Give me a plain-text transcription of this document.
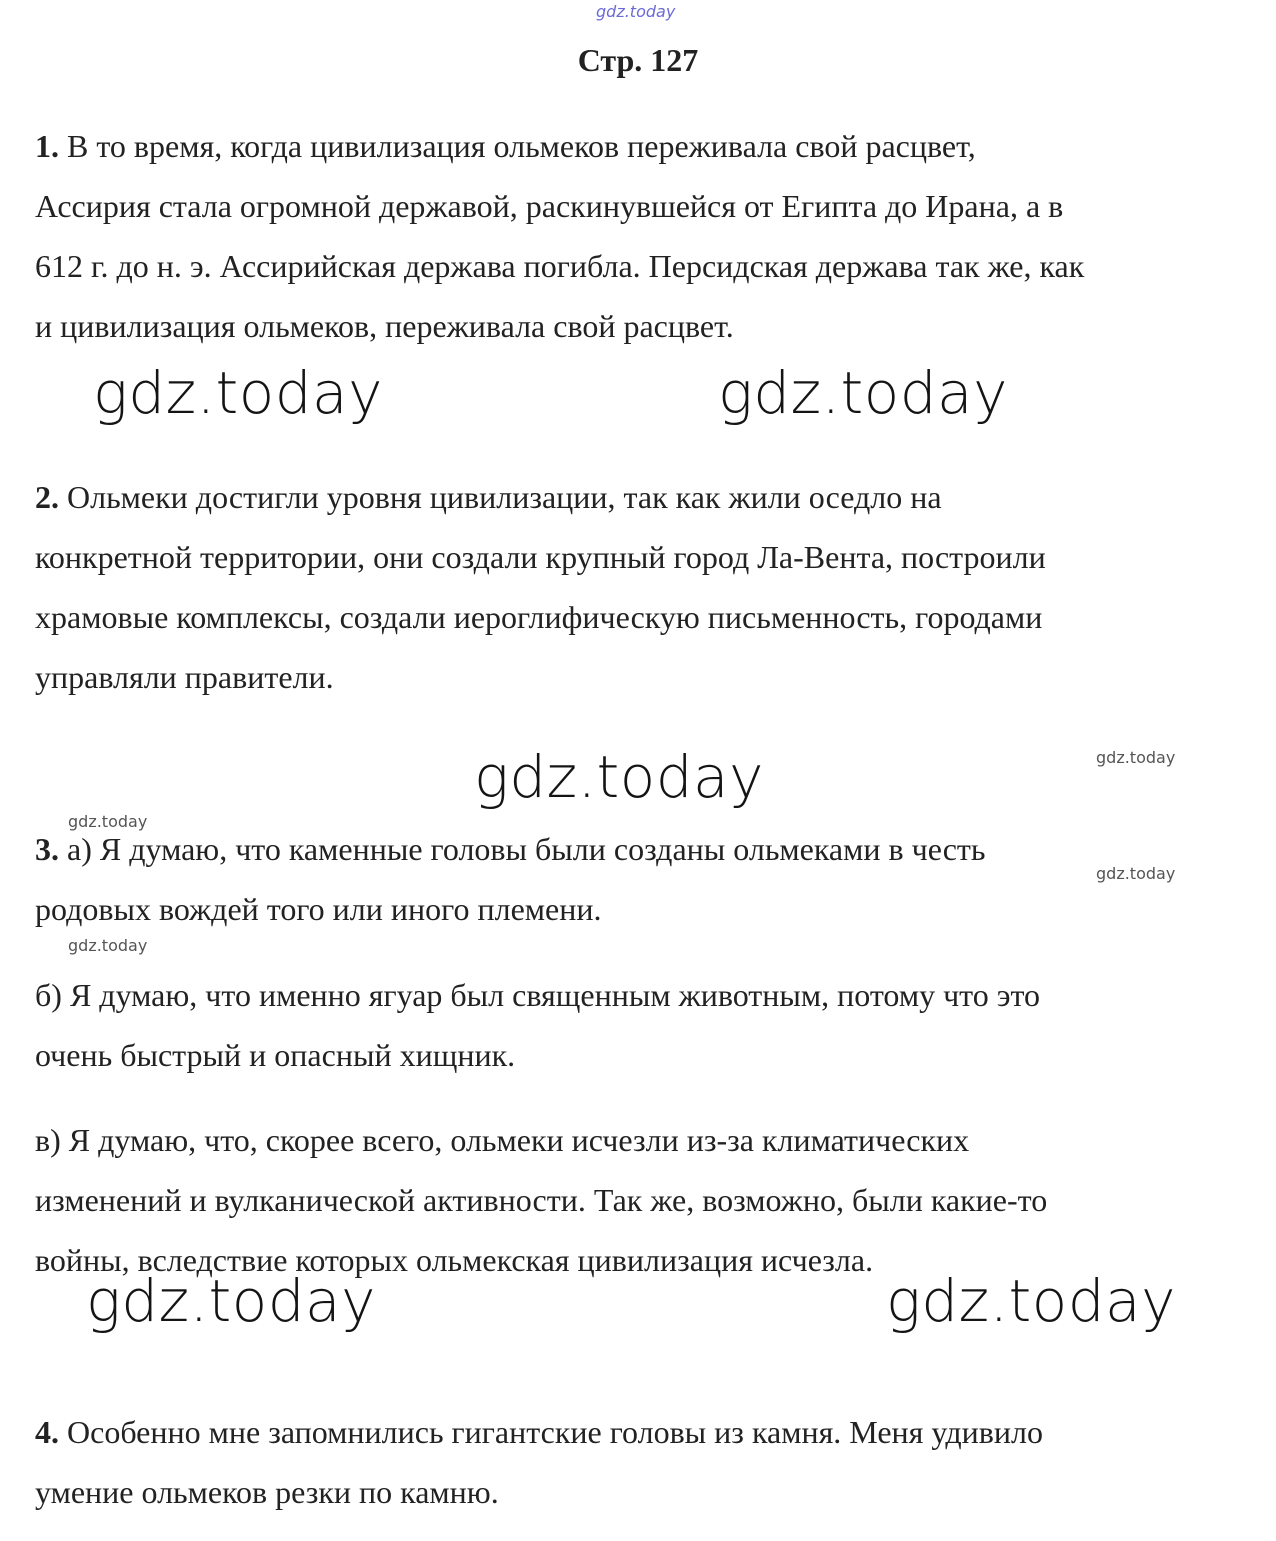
gdz.today
gdz.today	gdz.today
gdz.today
gdz.today	gdz.today
gdz.today
gdz.today
gdz.today
gdz.today
Стр. 127
1. В то время, когда цивилизация ольмеков переживала свой расцвет,
Ассирия стала огромной державой, раскинувшейся от Египта до Ирана, а в
612 г. до н. э. Ассирийская держава погибла. Персидская держава так же, как
и цивилизация ольмеков, переживала свой расцвет.
2. Ольмеки достигли уровня цивилизации, так как жили оседло на
конкретной территории, они создали крупный город Ла-Вента, построили
храмовые комплексы, создали иероглифическую письменность, городами
управляли правители.
3. а) Я думаю, что каменные головы были созданы ольмеками в честь
родовых вождей того или иного племени.
б) Я думаю, что именно ягуар был священным животным, потому что это
очень быстрый и опасный хищник.
в) Я думаю, что, скорее всего, ольмеки исчезли из-за климатических
изменений и вулканической активности. Так же, возможно, были какие-то
войны, вследствие которых ольмекская цивилизация исчезла.
4. Особенно мне запомнились гигантские головы из камня. Меня удивило
умение ольмеков резки по камню.
